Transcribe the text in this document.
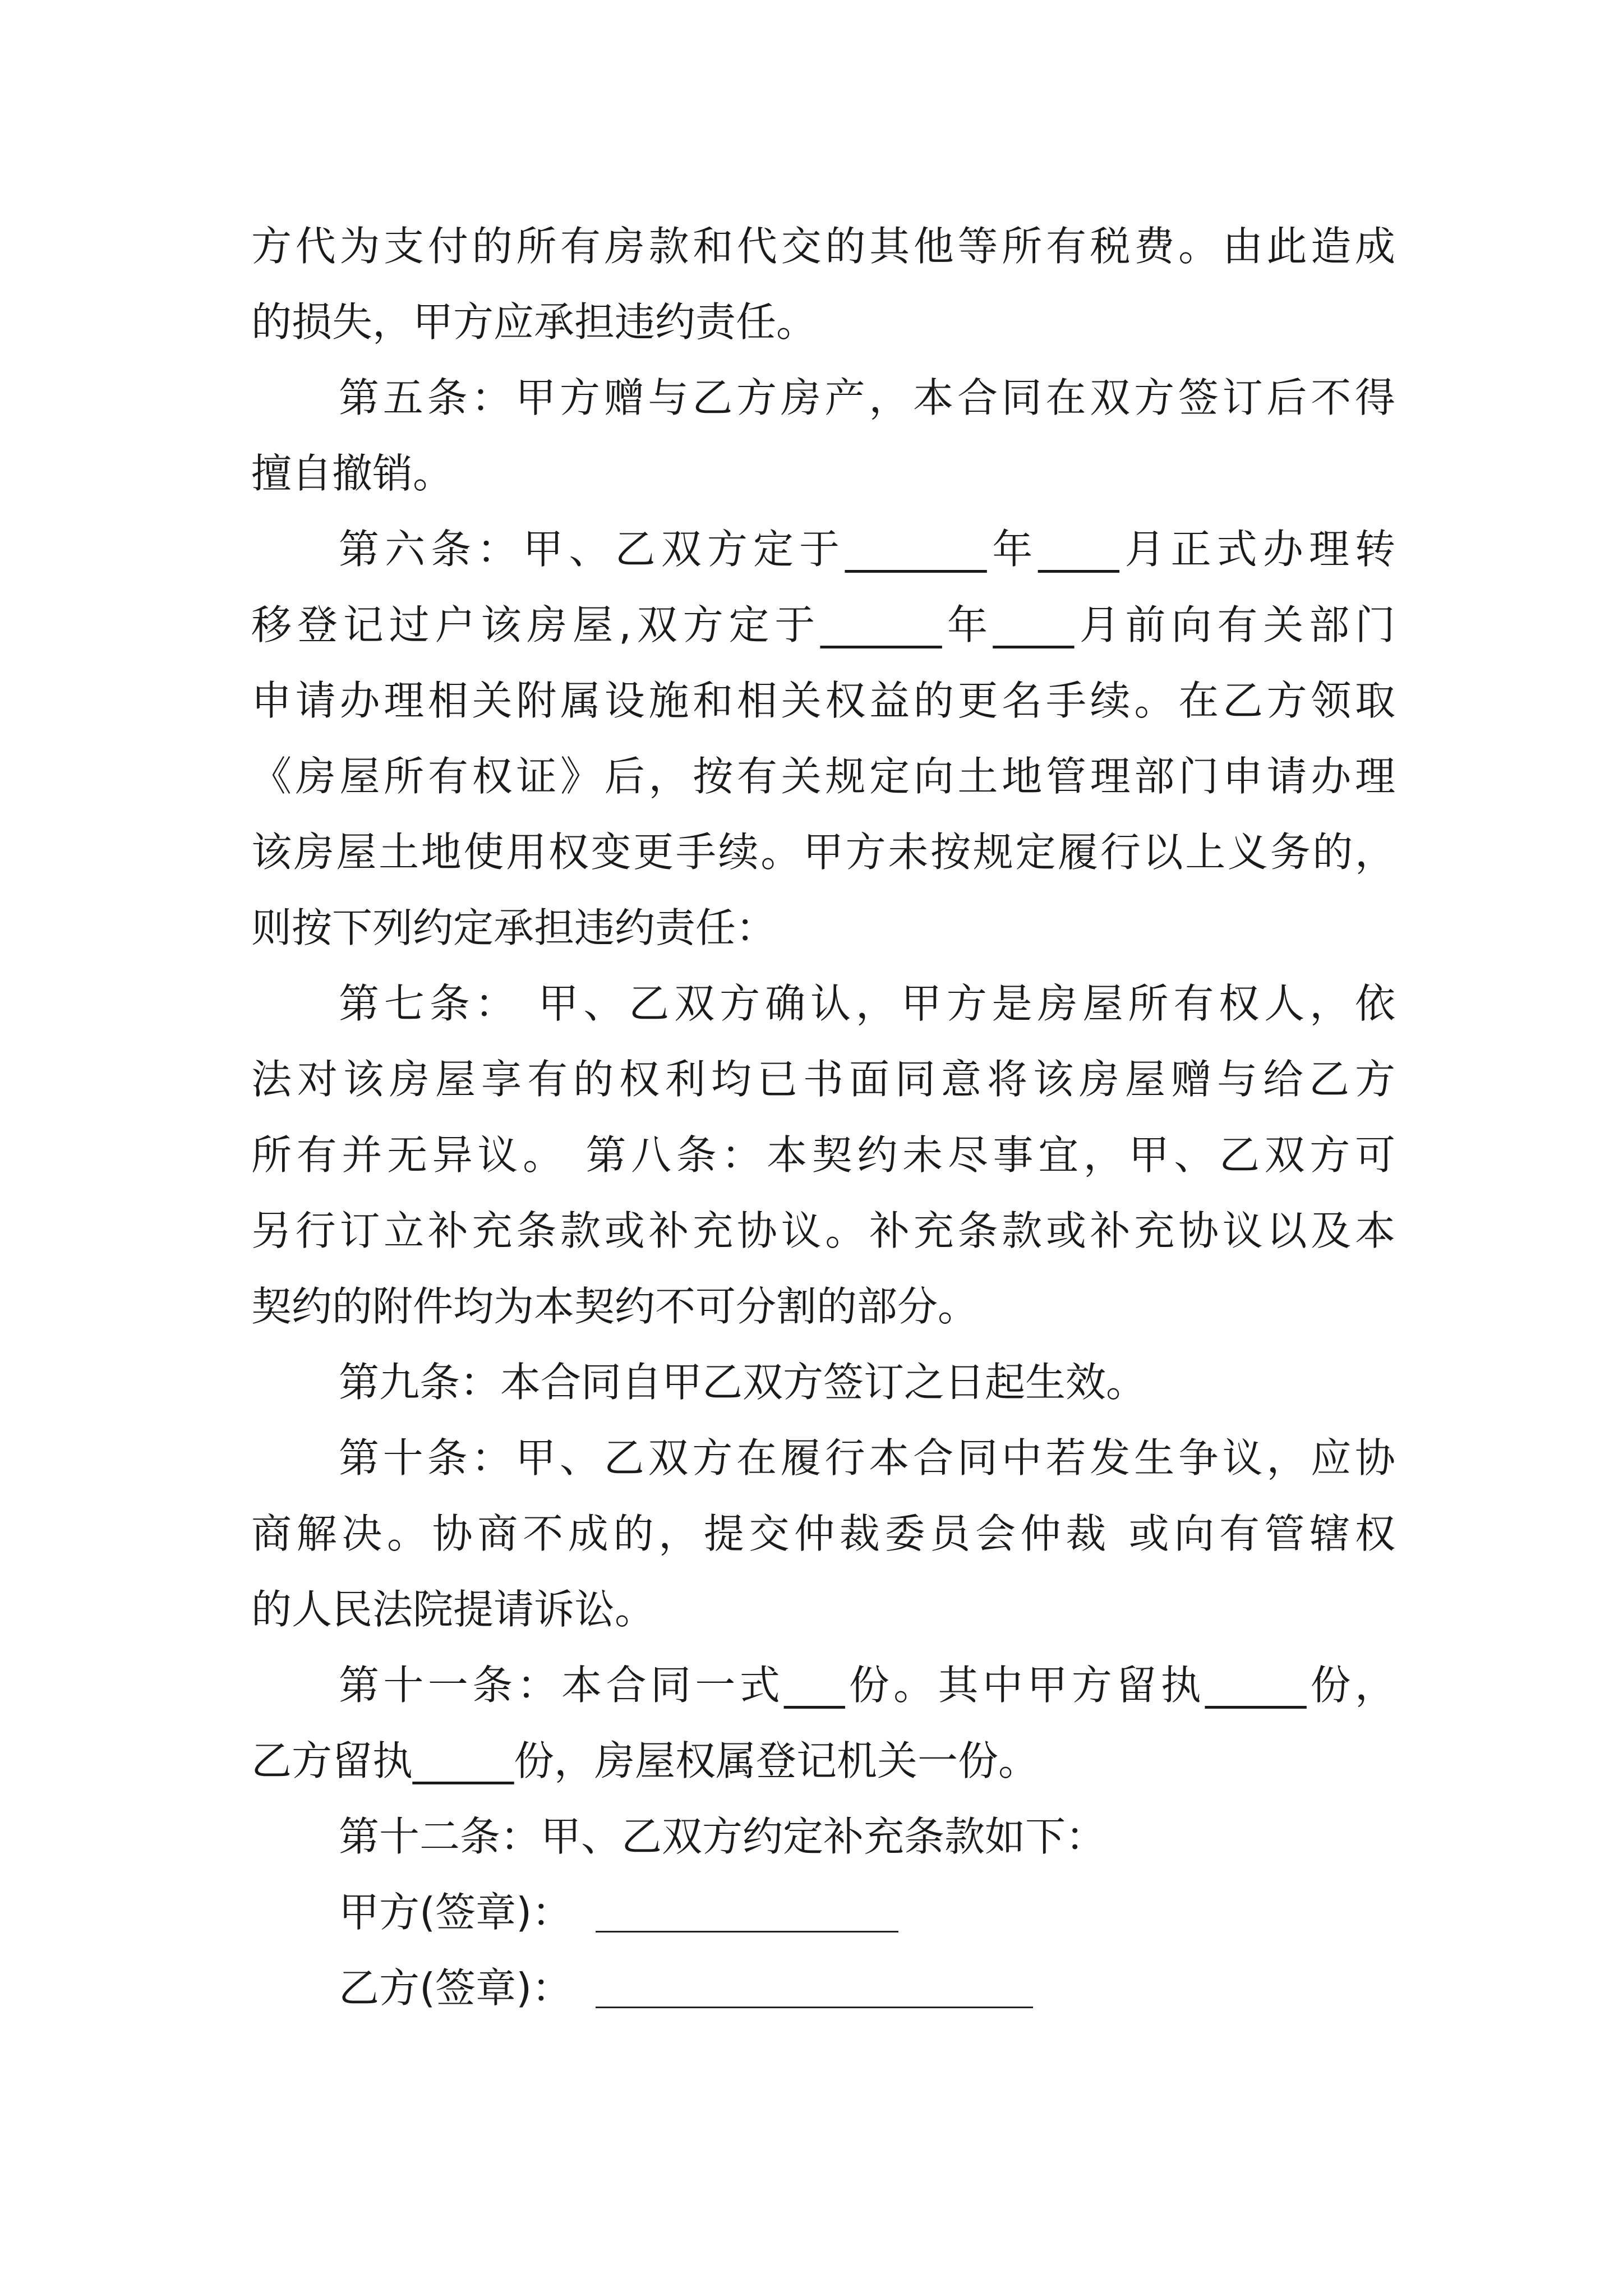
方代为支付的所有房款和代交的其他等所有税费。由此造成
的损失，甲方应承担违约责任。
第五条：甲方赠与乙方房产，本合同在双方签订后不得
擅自撤销。
第六条：甲、乙双方定于_______年____月正式办理转
移登记过户该房屋,双方定于______年____月前向有关部门
申请办理相关附属设施和相关权益的更名手续。在乙方领取
《房屋所有权证》后，按有关规定向土地管理部门申请办理
该房屋土地使用权变更手续。甲方未按规定履行以上义务的，
则按下列约定承担违约责任：
第七条： 甲、乙双方确认，甲方是房屋所有权人，依
法对该房屋享有的权利均已书面同意将该房屋赠与给乙方
所有并无异议。 第八条：本契约未尽事宜，甲、乙双方可
另行订立补充条款或补充协议。补充条款或补充协议以及本
契约的附件均为本契约不可分割的部分。
第九条：本合同自甲乙双方签订之日起生效。
第十条：甲、乙双方在履行本合同中若发生争议，应协
商解决。协商不成的，提交仲裁委员会仲裁 或向有管辖权
的人民法院提请诉讼。
第十一条：本合同一式___份。其中甲方留执_____份，
乙方留执_____份，房屋权属登记机关一份。
第十二条：甲、乙双方约定补充条款如下：
甲方(签章)：
乙方(签章)：
